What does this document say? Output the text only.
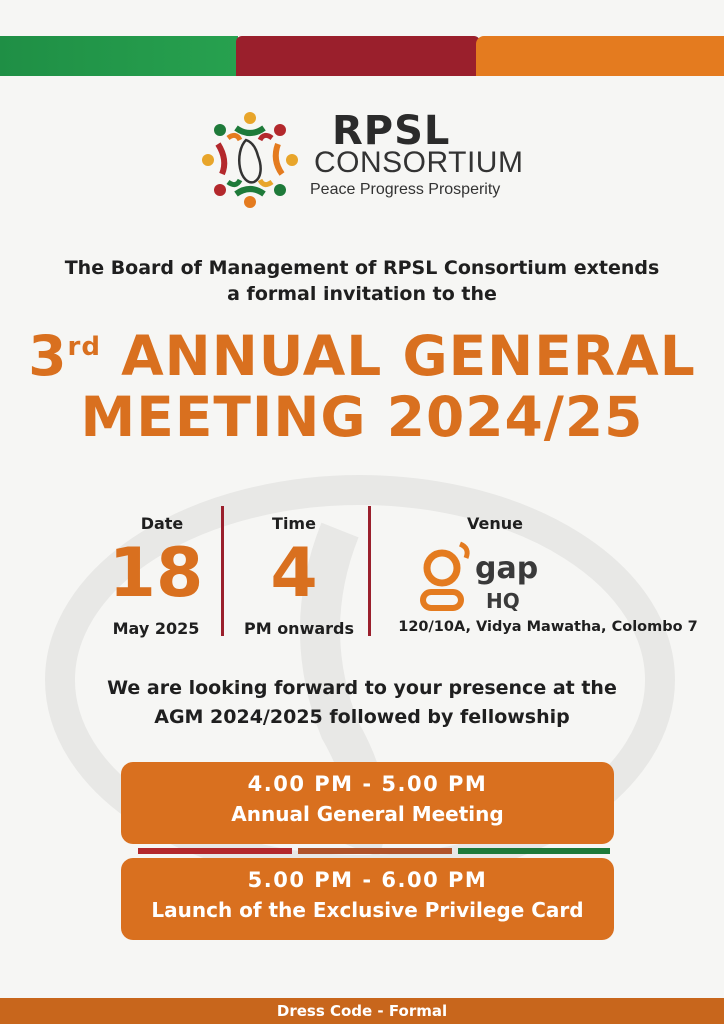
RPSL
CONSORTIUM
Peace Progress Prosperity
The Board of Management of RPSL Consortium extends
a formal invitation to the
3rd ANNUAL GENERAL
MEETING 2024/25
Date
18
May 2025
Time
4
PM onwards
Venue
gap
HQ
120/10A, Vidya Mawatha, Colombo 7
We are looking forward to your presence at the
AGM 2024/2025 followed by fellowship
4.00 PM - 5.00 PM
Annual General Meeting
5.00 PM - 6.00 PM
Launch of the Exclusive Privilege Card
Dress Code - Formal
